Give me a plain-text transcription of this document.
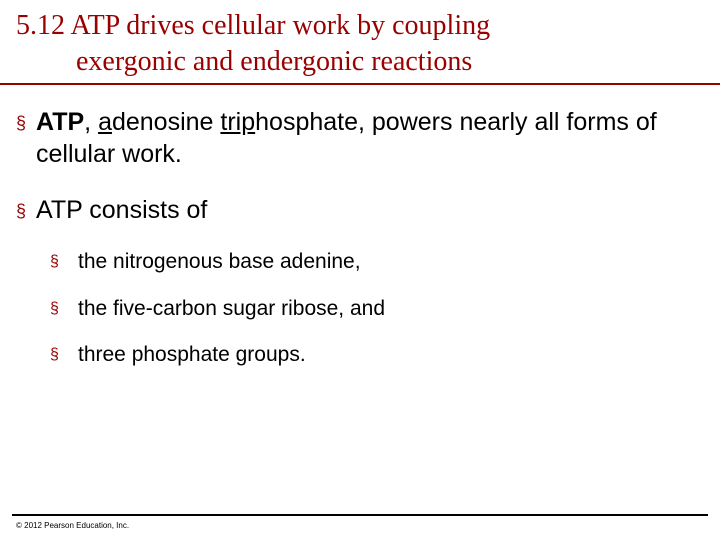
5.12 ATP drives cellular work by coupling
exergonic and endergonic reactions
§ ATP, adenosine triphosphate, powers nearly all forms of cellular work.
§ ATP consists of
§ the nitrogenous base adenine,
§ the five-carbon sugar ribose, and
§ three phosphate groups.
© 2012 Pearson Education, Inc.
